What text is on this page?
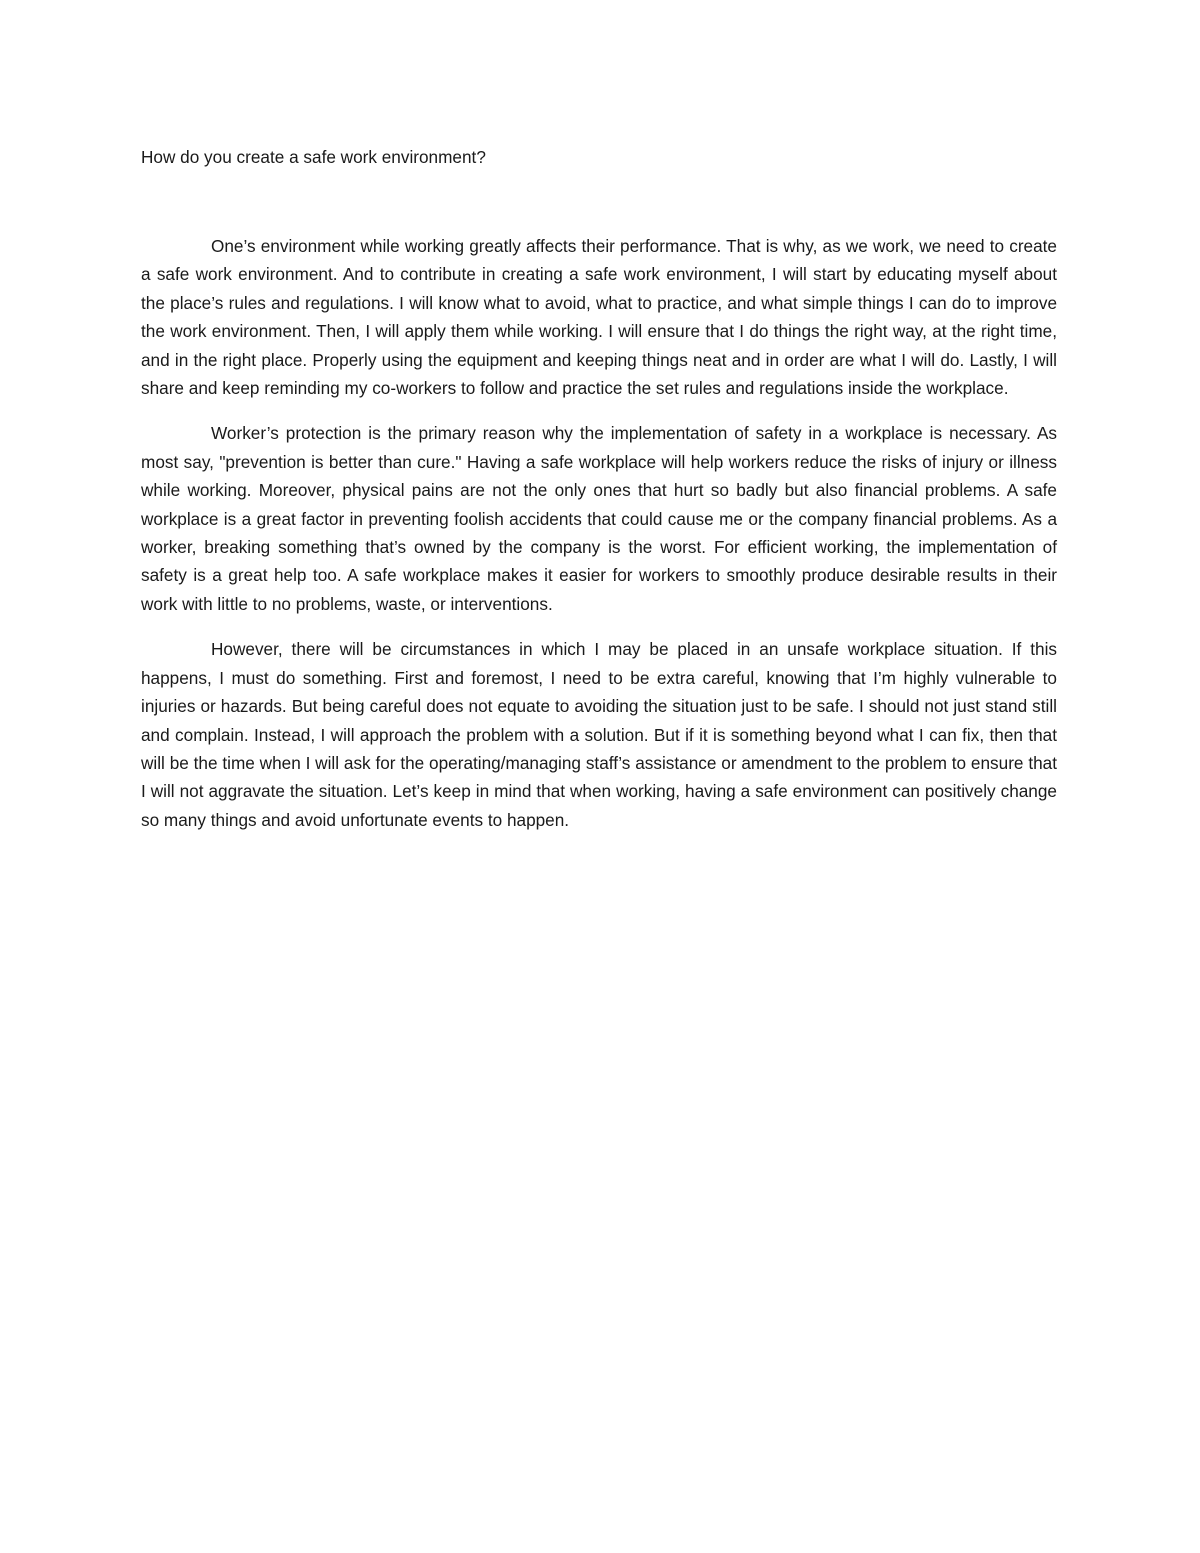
How do you create a safe work environment?

One’s environment while working greatly affects their performance. That is why, as we work, we need to create a safe work environment. And to contribute in creating a safe work environment, I will start by educating myself about the place’s rules and regulations. I will know what to avoid, what to practice, and what simple things I can do to improve the work environment. Then, I will apply them while working. I will ensure that I do things the right way, at the right time, and in the right place. Properly using the equipment and keeping things neat and in order are what I will do. Lastly, I will share and keep reminding my co-workers to follow and practice the set rules and regulations inside the workplace.

Worker’s protection is the primary reason why the implementation of safety in a workplace is necessary. As most say, "prevention is better than cure." Having a safe workplace will help workers reduce the risks of injury or illness while working. Moreover, physical pains are not the only ones that hurt so badly but also financial problems. A safe workplace is a great factor in preventing foolish accidents that could cause me or the company financial problems. As a worker, breaking something that’s owned by the company is the worst. For efficient working, the implementation of safety is a great help too. A safe workplace makes it easier for workers to smoothly produce desirable results in their work with little to no problems, waste, or interventions.

However, there will be circumstances in which I may be placed in an unsafe workplace situation. If this happens, I must do something. First and foremost, I need to be extra careful, knowing that I’m highly vulnerable to injuries or hazards. But being careful does not equate to avoiding the situation just to be safe. I should not just stand still and complain. Instead, I will approach the problem with a solution. But if it is something beyond what I can fix, then that will be the time when I will ask for the operating/managing staff’s assistance or amendment to the problem to ensure that I will not aggravate the situation. Let’s keep in mind that when working, having a safe environment can positively change so many things and avoid unfortunate events to happen.
